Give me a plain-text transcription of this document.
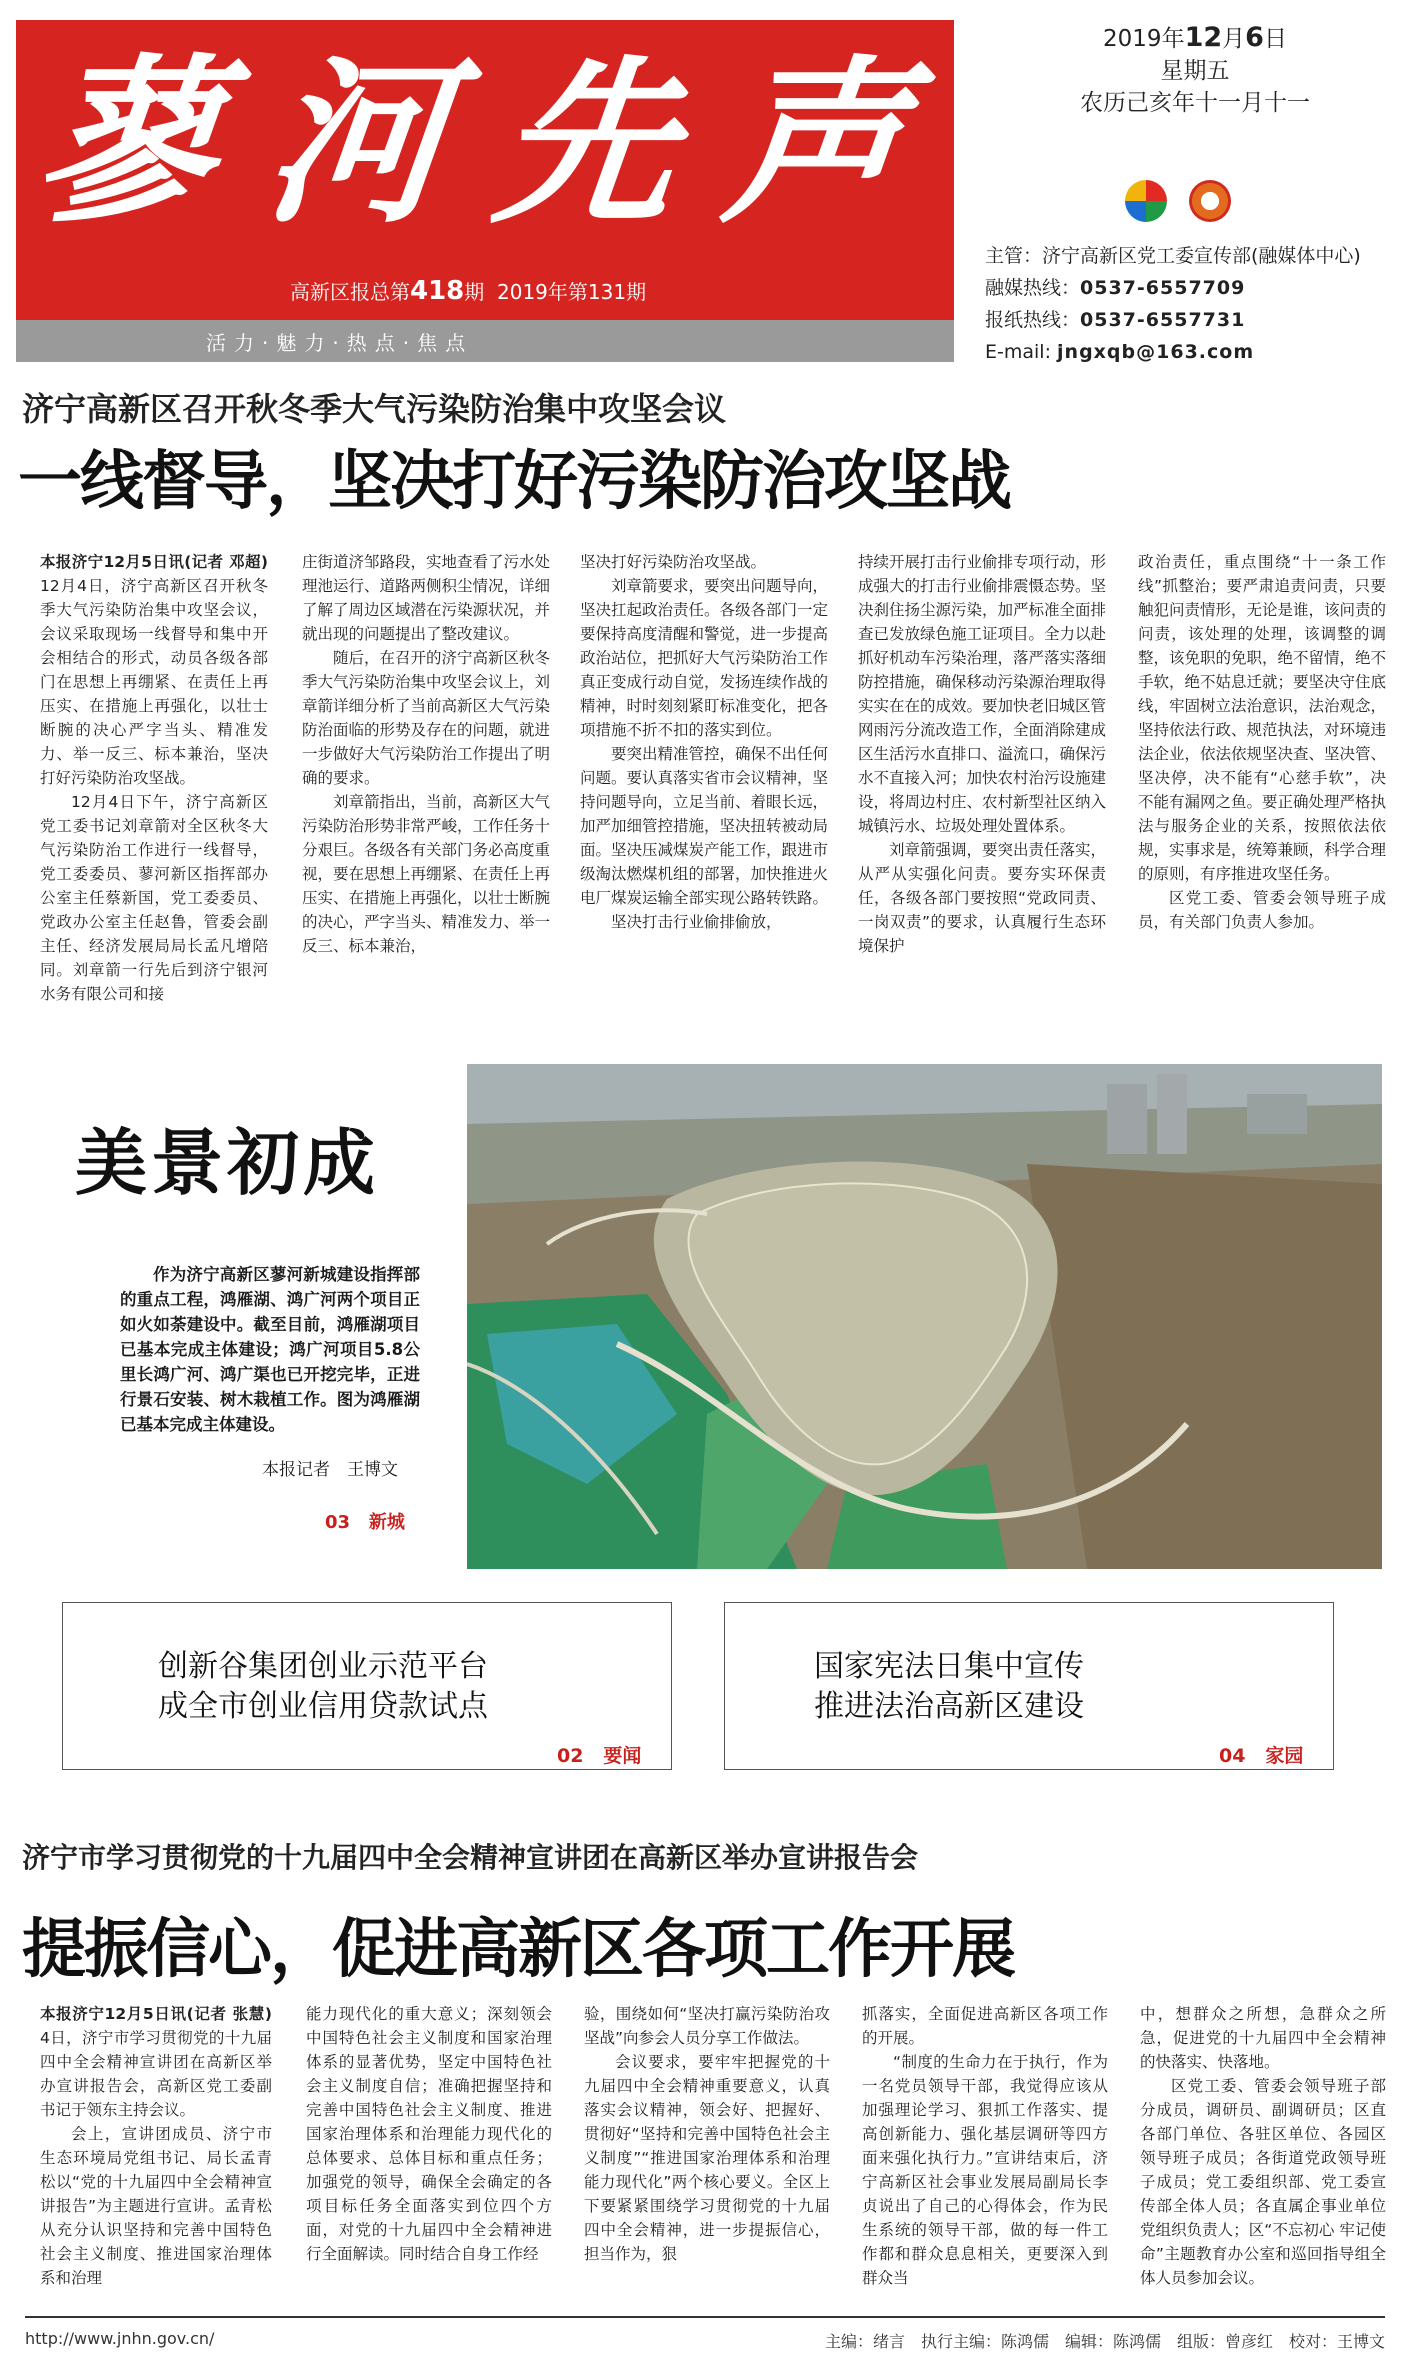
蓼 河 先 声
高新区报总第418期 2019年第131期
活力·魅力·热点·焦点
2019年12月6日
星期五
农历己亥年十一月十一
主管：济宁高新区党工委宣传部(融媒体中心)
融媒热线：0537-6557709
报纸热线：0537-6557731
E-mail: jngxqb@163.com
济宁高新区召开秋冬季大气污染防治集中攻坚会议
一线督导，坚决打好污染防治攻坚战

本报济宁12月5日讯(记者 邓超) 12月4日，济宁高新区召开秋冬季大气污染防治集中攻坚会议，会议采取现场一线督导和集中开会相结合的形式，动员各级各部门在思想上再绷紧、在责任上再压实、在措施上再强化，以壮士断腕的决心严字当头、精准发力、举一反三、标本兼治，坚决打好污染防治攻坚战。

12月4日下午，济宁高新区党工委书记刘章箭对全区秋冬大气污染防治工作进行一线督导，党工委委员、蓼河新区指挥部办公室主任蔡新国，党工委委员、党政办公室主任赵鲁，管委会副主任、经济发展局局长孟凡增陪同。刘章箭一行先后到济宁银河水务有限公司和接

庄街道济邹路段，实地查看了污水处理池运行、道路两侧积尘情况，详细了解了周边区域潜在污染源状况，并就出现的问题提出了整改建议。

随后，在召开的济宁高新区秋冬季大气污染防治集中攻坚会议上，刘章箭详细分析了当前高新区大气污染防治面临的形势及存在的问题，就进一步做好大气污染防治工作提出了明确的要求。

刘章箭指出，当前，高新区大气污染防治形势非常严峻，工作任务十分艰巨。各级各有关部门务必高度重视，要在思想上再绷紧、在责任上再压实、在措施上再强化，以壮士断腕的决心，严字当头、精准发力、举一反三、标本兼治，

坚决打好污染防治攻坚战。

刘章箭要求，要突出问题导向，坚决扛起政治责任。各级各部门一定要保持高度清醒和警觉，进一步提高政治站位，把抓好大气污染防治工作真正变成行动自觉，发扬连续作战的精神，时时刻刻紧盯标准变化，把各项措施不折不扣的落实到位。

要突出精准管控，确保不出任何问题。要认真落实省市会议精神，坚持问题导向，立足当前、着眼长远，加严加细管控措施，坚决扭转被动局面。坚决压减煤炭产能工作，跟进市级淘汰燃煤机组的部署，加快推进火电厂煤炭运输全部实现公路转铁路。

坚决打击行业偷排偷放，

持续开展打击行业偷排专项行动，形成强大的打击行业偷排震慑态势。坚决刹住扬尘源污染，加严标准全面排查已发放绿色施工证项目。全力以赴抓好机动车污染治理，落严落实落细防控措施，确保移动污染源治理取得实实在在的成效。要加快老旧城区管网雨污分流改造工作，全面消除建成区生活污水直排口、溢流口，确保污水不直接入河；加快农村治污设施建设，将周边村庄、农村新型社区纳入城镇污水、垃圾处理处置体系。

刘章箭强调，要突出责任落实，从严从实强化问责。要夯实环保责任，各级各部门要按照“党政同责、一岗双责”的要求，认真履行生态环境保护

政治责任，重点围绕“十一条工作线”抓整治；要严肃追责问责，只要触犯问责情形，无论是谁，该问责的问责，该处理的处理，该调整的调整，该免职的免职，绝不留情，绝不手软，绝不姑息迁就；要坚决守住底线，牢固树立法治意识，法治观念，坚持依法行政、规范执法，对环境违法企业，依法依规坚决查、坚决管、坚决停，决不能有“心慈手软”，决不能有漏网之鱼。要正确处理严格执法与服务企业的关系，按照依法依规，实事求是，统筹兼顾，科学合理的原则，有序推进攻坚任务。

区党工委、管委会领导班子成员，有关部门负责人参加。

美景初成

作为济宁高新区蓼河新城建设指挥部的重点工程，鸿雁湖、鸿广河两个项目正如火如荼建设中。截至目前，鸿雁湖项目已基本完成主体建设；鸿广河项目5.8公里长鸿广河、鸿广渠也已开挖完毕，正进行景石安装、树木栽植工作。图为鸿雁湖已基本完成主体建设。

本报记者　王博文
03 新城
创新谷集团创业示范平台
成全市创业信用贷款试点
02 要闻
国家宪法日集中宣传
推进法治高新区建设
04 家园
济宁市学习贯彻党的十九届四中全会精神宣讲团在高新区举办宣讲报告会
提振信心，促进高新区各项工作开展

本报济宁12月5日讯(记者 张慧) 4日，济宁市学习贯彻党的十九届四中全会精神宣讲团在高新区举办宣讲报告会，高新区党工委副书记于领东主持会议。

会上，宣讲团成员、济宁市生态环境局党组书记、局长孟青松以“党的十九届四中全会精神宣讲报告”为主题进行宣讲。孟青松从充分认识坚持和完善中国特色社会主义制度、推进国家治理体系和治理

能力现代化的重大意义；深刻领会中国特色社会主义制度和国家治理体系的显著优势，坚定中国特色社会主义制度自信；准确把握坚持和完善中国特色社会主义制度、推进国家治理体系和治理能力现代化的总体要求、总体目标和重点任务；加强党的领导，确保全会确定的各项目标任务全面落实到位四个方面，对党的十九届四中全会精神进行全面解读。同时结合自身工作经

验，围绕如何“坚决打赢污染防治攻坚战”向参会人员分享工作做法。

会议要求，要牢牢把握党的十九届四中全会精神重要意义，认真落实会议精神，领会好、把握好、贯彻好“坚持和完善中国特色社会主义制度”“推进国家治理体系和治理能力现代化”两个核心要义。全区上下要紧紧围绕学习贯彻党的十九届四中全会精神，进一步提振信心，担当作为，狠

抓落实，全面促进高新区各项工作的开展。

“制度的生命力在于执行，作为一名党员领导干部，我觉得应该从加强理论学习、狠抓工作落实、提高创新能力、强化基层调研等四方面来强化执行力。”宣讲结束后，济宁高新区社会事业发展局副局长李贞说出了自己的心得体会，作为民生系统的领导干部，做的每一件工作都和群众息息相关，更要深入到群众当

中，想群众之所想，急群众之所急，促进党的十九届四中全会精神的快落实、快落地。

区党工委、管委会领导班子部分成员，调研员、副调研员；区直各部门单位、各驻区单位、各园区领导班子成员；各街道党政领导班子成员；党工委组织部、党工委宣传部全体人员；各直属企事业单位党组织负责人；区“不忘初心 牢记使命”主题教育办公室和巡回指导组全体人员参加会议。

http://www.jnhn.gov.cn/	主编：绪言　执行主编：陈鸿儒　编辑：陈鸿儒　组版：曾彦红　校对：王博文
